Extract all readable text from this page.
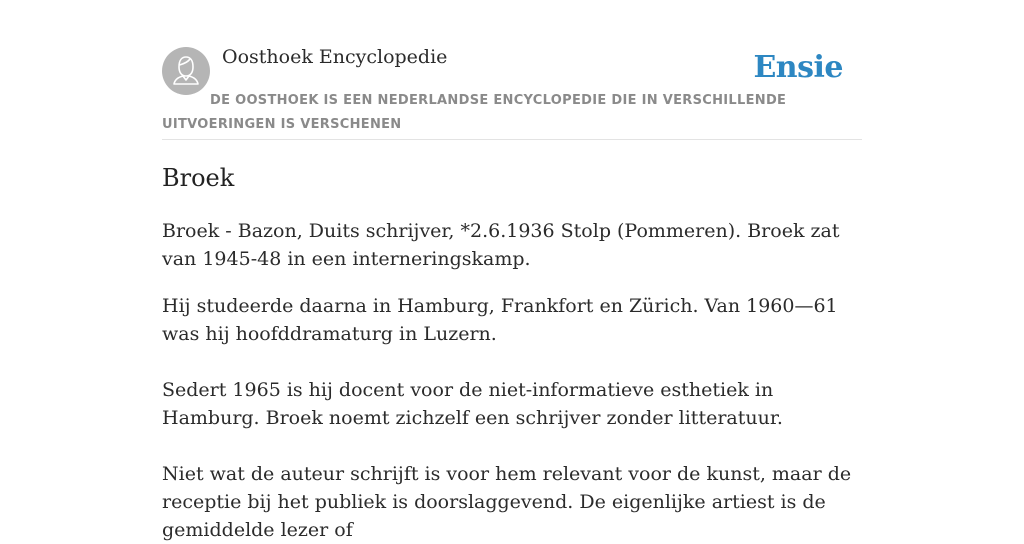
Oosthoek Encyclopedie	Ensie
DE OOSTHOEK IS EEN NEDERLANDSE ENCYCLOPEDIE DIE IN VERSCHILLENDE UITVOERINGEN IS VERSCHENEN
Broek

Broek - Bazon, Duits schrijver, *2.6.1936 Stolp (Pommeren). Broek zat van 1945-48 in een interneringskamp.

Hij studeerde daarna in Hamburg, Frankfort en Zürich. Van 1960—61 was hij hoofddramaturg in Luzern.

Sedert 1965 is hij docent voor de niet-informatieve esthetiek in Hamburg. Broek noemt zichzelf een schrijver zonder litteratuur.

Niet wat de auteur schrijft is voor hem relevant voor de kunst, maar de receptie bij het publiek is doorslaggevend. De eigenlijke artiest is de gemiddelde lezer of
